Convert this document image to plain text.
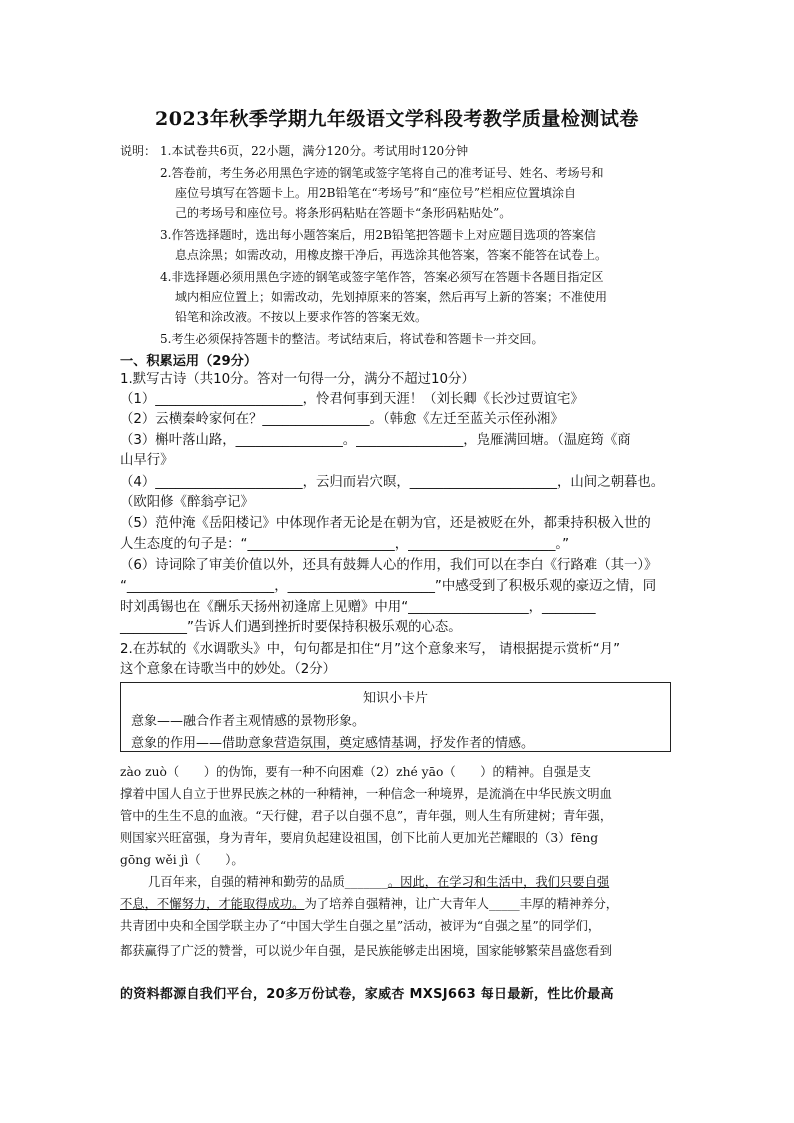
2023年秋季学期九年级语文学科段考教学质量检测试卷
说明： 1.本试卷共6页，22小题，满分120分。考试用时120分钟
2.答卷前，考生务必用黑色字迹的钢笔或签字笔将自己的准考证号、姓名、考场号和
座位号填写在答题卡上。用2B铅笔在“考场号”和“座位号”栏相应位置填涂自
己的考场号和座位号。将条形码粘贴在答题卡“条形码粘贴处”。
3.作答选择题时，选出每小题答案后，用2B铅笔把答题卡上对应题目选项的答案信
息点涂黑；如需改动，用橡皮擦干净后，再选涂其他答案，答案不能答在试卷上。
4.非选择题必须用黑色字迹的钢笔或签字笔作答，答案必须写在答题卡各题目指定区
域内相应位置上；如需改动，先划掉原来的答案，然后再写上新的答案；不准使用
铅笔和涂改液。不按以上要求作答的答案无效。
5.考生必须保持答题卡的整洁。考试结束后，将试卷和答题卡一并交回。
一、积累运用（29分）
1.默写古诗（共10分。答对一句得一分，满分不超过10分）
（1）______________________，怜君何事到天涯！（刘长卿《长沙过贾谊宅》
（2）云横秦岭家何在？________________。（韩愈《左迁至蓝关示侄孙湘》
（3）槲叶落山路，________________。________________，凫雁满回塘。（温庭筠《商
山早行》
（4）______________________，云归而岩穴暝，______________________，山间之朝暮也。
（欧阳修《醉翁亭记》
（5）范仲淹《岳阳楼记》中体现作者无论是在朝为官，还是被贬在外，都秉持积极入世的
人生态度的句子是：“______________________，______________________。”
（6）诗词除了审美价值以外，还具有鼓舞人心的作用，我们可以在李白《行路难（其一）》
“______________________，______________________”中感受到了积极乐观的豪迈之情，同
时刘禹锡也在《酬乐天扬州初逢席上见赠》中用“__________________，________
__________”告诉人们遇到挫折时要保持积极乐观的心态。
2.在苏轼的《水调歌头》中，句句都是扣住“月”这个意象来写， 请根据提示赏析“月”
这个意象在诗歌当中的妙处。（2分）
知识小卡片
意象——融合作者主观情感的景物形象。
意象的作用——借助意象营造氛围，奠定感情基调，抒发作者的情感。
zào zuò（　　）的伪饰，要有一种不向困难（2）zhé yāo（　　）的精神。自强是支
撑着中国人自立于世界民族之林的一种精神，一种信念一种境界，是流淌在中华民族文明血
管中的生生不息的血液。“天行健，君子以自强不息”，青年强，则人生有所建树；青年强，
则国家兴旺富强，身为青年，要肩负起建设祖国，创下比前人更加光芒耀眼的（3）fēng
gōng wěi jì（　　）。
几百年来，自强的精神和勤劳的品质_______。因此，在学习和生活中，我们只要自强
不息，不懈努力，才能取得成功。为了培养自强精神，让广大青年人_____丰厚的精神养分，
共青团中央和全国学联主办了“中国大学生自强之星”活动，被评为“自强之星”的同学们，
都获赢得了广泛的赞誉，可以说少年自强，是民族能够走出困境，国家能够繁荣昌盛您看到
的资料都源自我们平台，20多万份试卷，家威杏 MXSJ663 每日最新，性比价最高
